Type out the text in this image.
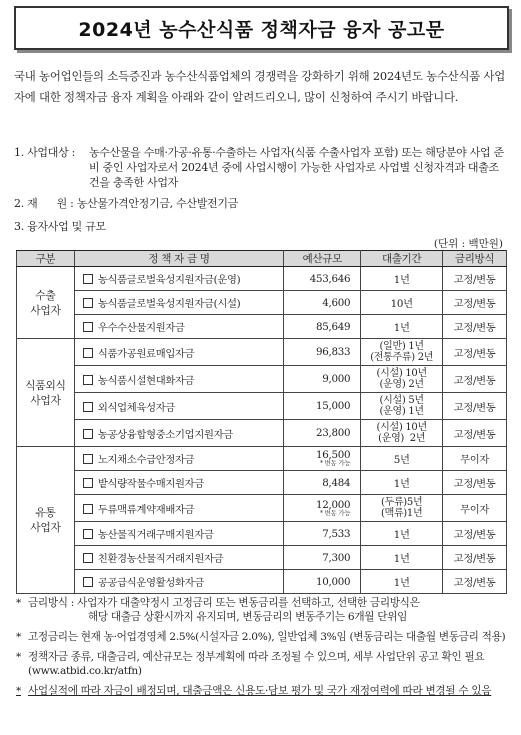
2024년 농수산식품 정책자금 융자 공고문
국내 농어업인들의 소득증진과 농수산식품업체의 경쟁력을 강화하기 위해 2024년도 농수산식품 사업자에 대한 정책자금 융자 계획을 아래와 같이 알려드리오니, 많이 신청하여 주시기 바랍니다.
1. 사업대상 : 농수산물을 수매·가공·유통·수출하는 사업자(식품 수출사업자 포함) 또는 해당분야 사업 준비 중인 사업자로서 2024년 중에 사업시행이 가능한 사업자로 사업별 신청자격과 대출조건을 충족한 사업자
2. 재      원 : 농산물가격안정기금, 수산발전기금
3. 융자사업 및 규모
(단위 : 백만원)
구분	정 책 자 금 명	예산규모	대출기간	금리방식
수출
사업자	농식품글로벌육성지원자금(운영)	453,646	1년	고정/변동
	농식품글로벌육성지원자금(시설)	4,600	10년	고정/변동
	우수수산물지원자금	85,649	1년	고정/변동
식품외식
사업자	식품가공원료매입자금	96,833	(일반) 1년
(전통주류) 2년	고정/변동
	농식품시설현대화자금	9,000	(시설) 10년
(운영) 2년	고정/변동
	외식업체육성자금	15,000	(시설) 5년
(운영) 1년	고정/변동
	농공상융합형중소기업지원자금	23,800	(시설) 10년
(운영)  2년	고정/변동
유통
사업자	노지채소수급안정자금	16,500
* 변동 가능	5년	무이자
	밭식량작물수매지원자금	8,484	1년	고정/변동
	두류맥류계약재배자금	12,000
* 변동 가능	(두류)5년
(맥류)1년	무이자
	농산물직거래구매지원자금	7,533	1년	고정/변동
	친환경농산물직거래지원자금	7,300	1년	고정/변동
	공공급식운영활성화자금	10,000	1년	고정/변동
* 금리방식 : 사업자가 대출약정시 고정금리 또는 변동금리를 선택하고, 선택한 금리방식은
해당 대출금 상환시까지 유지되며, 변동금리의 변동주기는 6개월 단위임
* 고정금리는 현재 농·어업경영체 2.5%(시설자금 2.0%), 일반업체 3%임 (변동금리는 대출월 변동금리 적용)
* 정책자금 종류, 대출금리, 예산규모는 정부계획에 따라 조정될 수 있으며, 세부 사업단위 공고 확인 필요(www.atbid.co.kr/atfn)
* 사업실적에 따라 자금이 배정되며, 대출금액은 신용도·담보 평가 및 국가 재정여력에 따라 변경될 수 있음
